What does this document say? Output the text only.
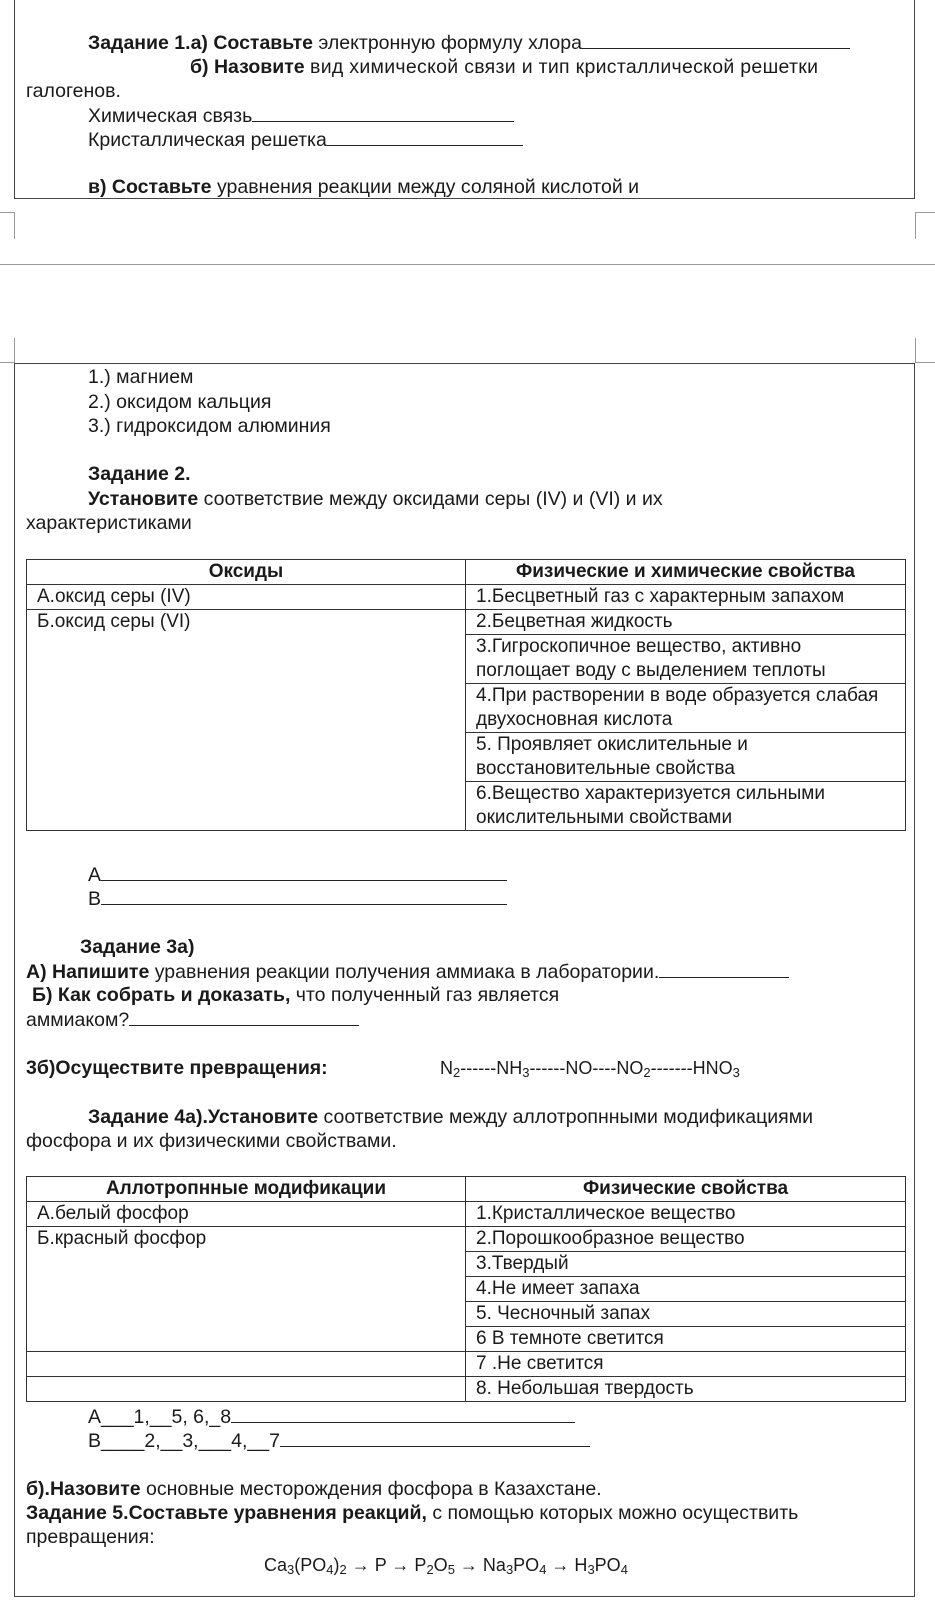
Задание 1.а) Составьте электронную формулу хлора
б) Назовите вид химической связи и тип кристаллической решетки
галогенов.
Химическая связь
Кристаллическая решетка
в) Составьте уравнения реакции между соляной кислотой и
1.) магнием
2.) оксидом кальция
3.) гидроксидом алюминия
Задание 2.
Установите соответствие между оксидами серы (IV) и (VI) и их
характеристиками
Оксиды	Физические и химические свойства
А.оксид серы (IV)	1.Бесцветный газ с характерным запахом
Б.оксид серы (VI)	2.Бецветная жидкость
	3.Гигроскопичное вещество, активно поглощает воду с выделением теплоты
	4.При растворении в воде образуется слабая двухосновная кислота
	5. Проявляет окислительные и восстановительные свойства
	6.Вещество характеризуется сильными окислительными свойствами
А
В
Задание 3а)
А) Напишите уравнения реакции получения аммиака в лаборатории.
Б) Как собрать и доказать, что полученный газ является
аммиаком?
3б)Осуществите превращения:	$N_2------NH_3------NO----NO_2-------HNO_3$
Задание 4а).Установите соответствие между аллотропнными модификациями
фосфора и их физическими свойствами.
Аллотропнные модификации	Физические свойства
А.белый фосфор	1.Кристаллическое вещество
Б.красный фосфор	2.Порошкообразное вещество
	3.Твердый
	4.Не имеет запаха
	5. Чесночный запах
	6 В темноте светится
	7 .Не светится
	8. Небольшая твердость
А___1,__5, 6,_8
В____2,__3,___4,__7
б).Назовите основные месторождения фосфора в Казахстане.
Задание 5.Составьте уравнения реакций, с помощью которых можно осуществить
превращения:
$Ca_3(PO_4)_2 \to P \to P_2O_5 \to Na_3PO_4 \to H_3PO_4$
